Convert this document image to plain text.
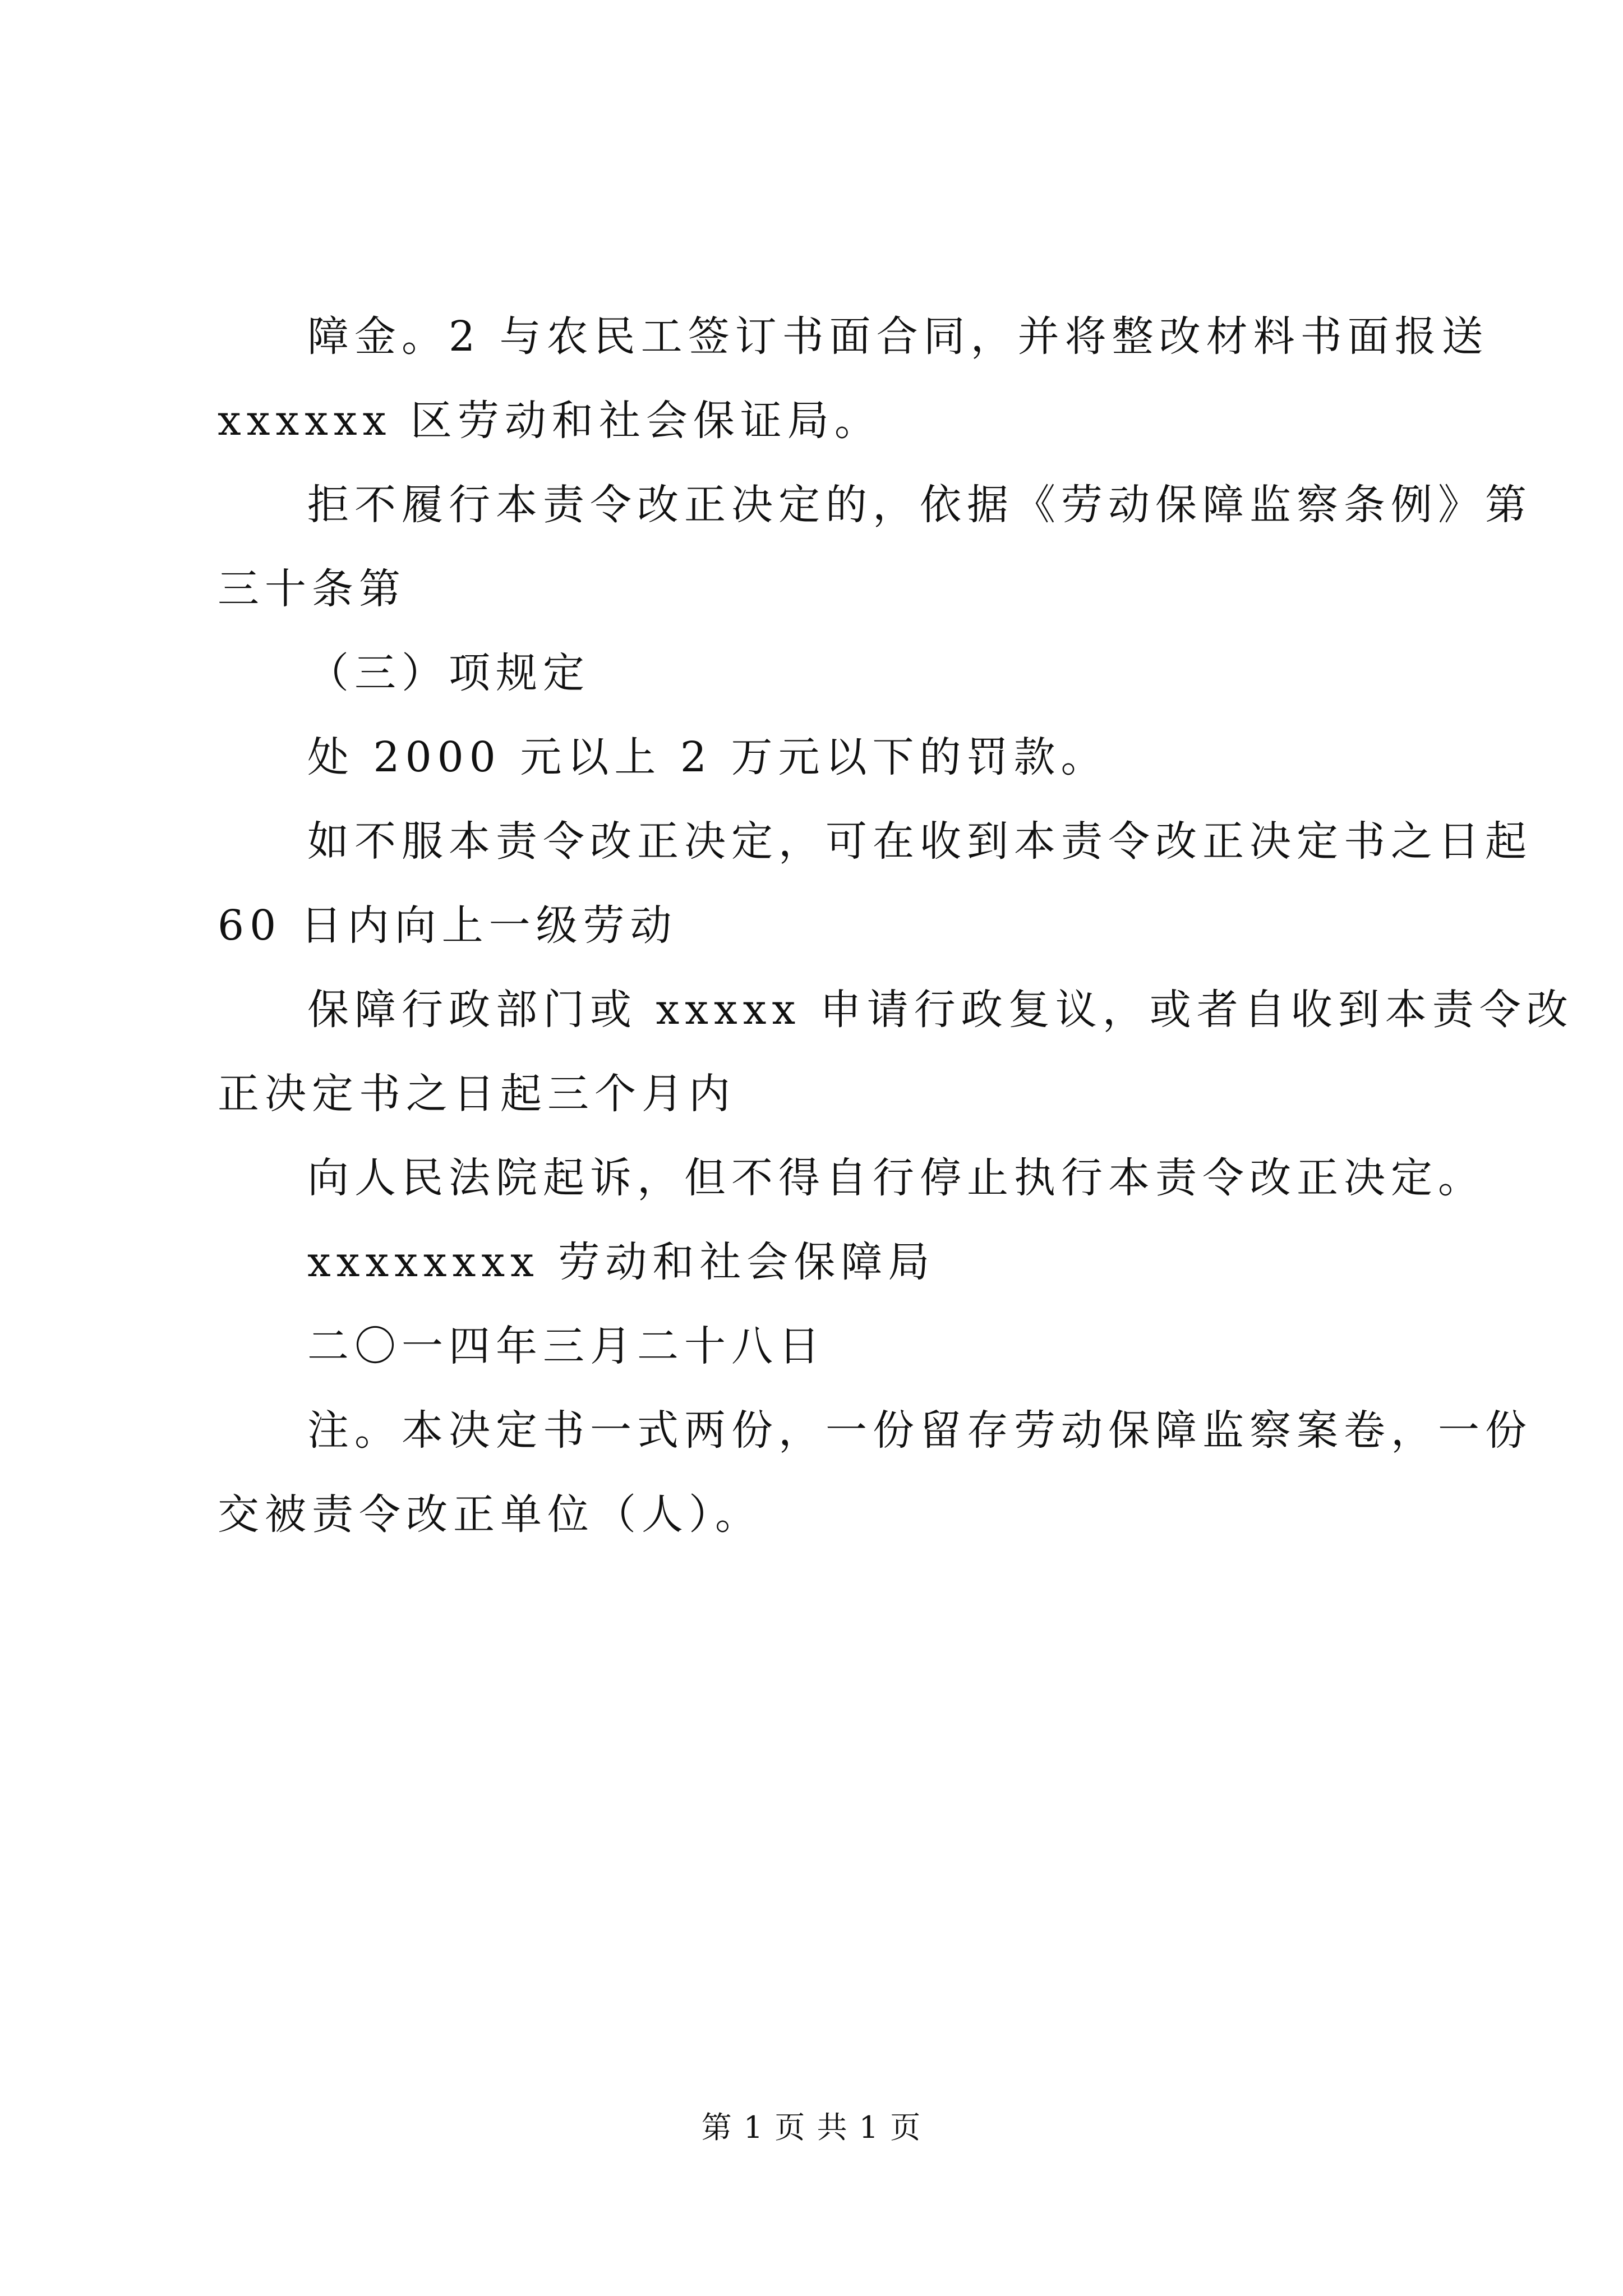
障金。2 与农民工签订书面合同，并将整改材料书面报送
xxxxxx 区劳动和社会保证局。
拒不履行本责令改正决定的，依据《劳动保障监察条例》第
三十条第
（三）项规定
处 2000 元以上 2 万元以下的罚款。
如不服本责令改正决定，可在收到本责令改正决定书之日起
60 日内向上一级劳动
保障行政部门或 xxxxx 申请行政复议，或者自收到本责令改
正决定书之日起三个月内
向人民法院起诉，但不得自行停止执行本责令改正决定。
xxxxxxxx 劳动和社会保障局
二〇一四年三月二十八日
注。本决定书一式两份，一份留存劳动保障监察案卷，一份
交被责令改正单位（人）。
第 1 页 共 1 页
